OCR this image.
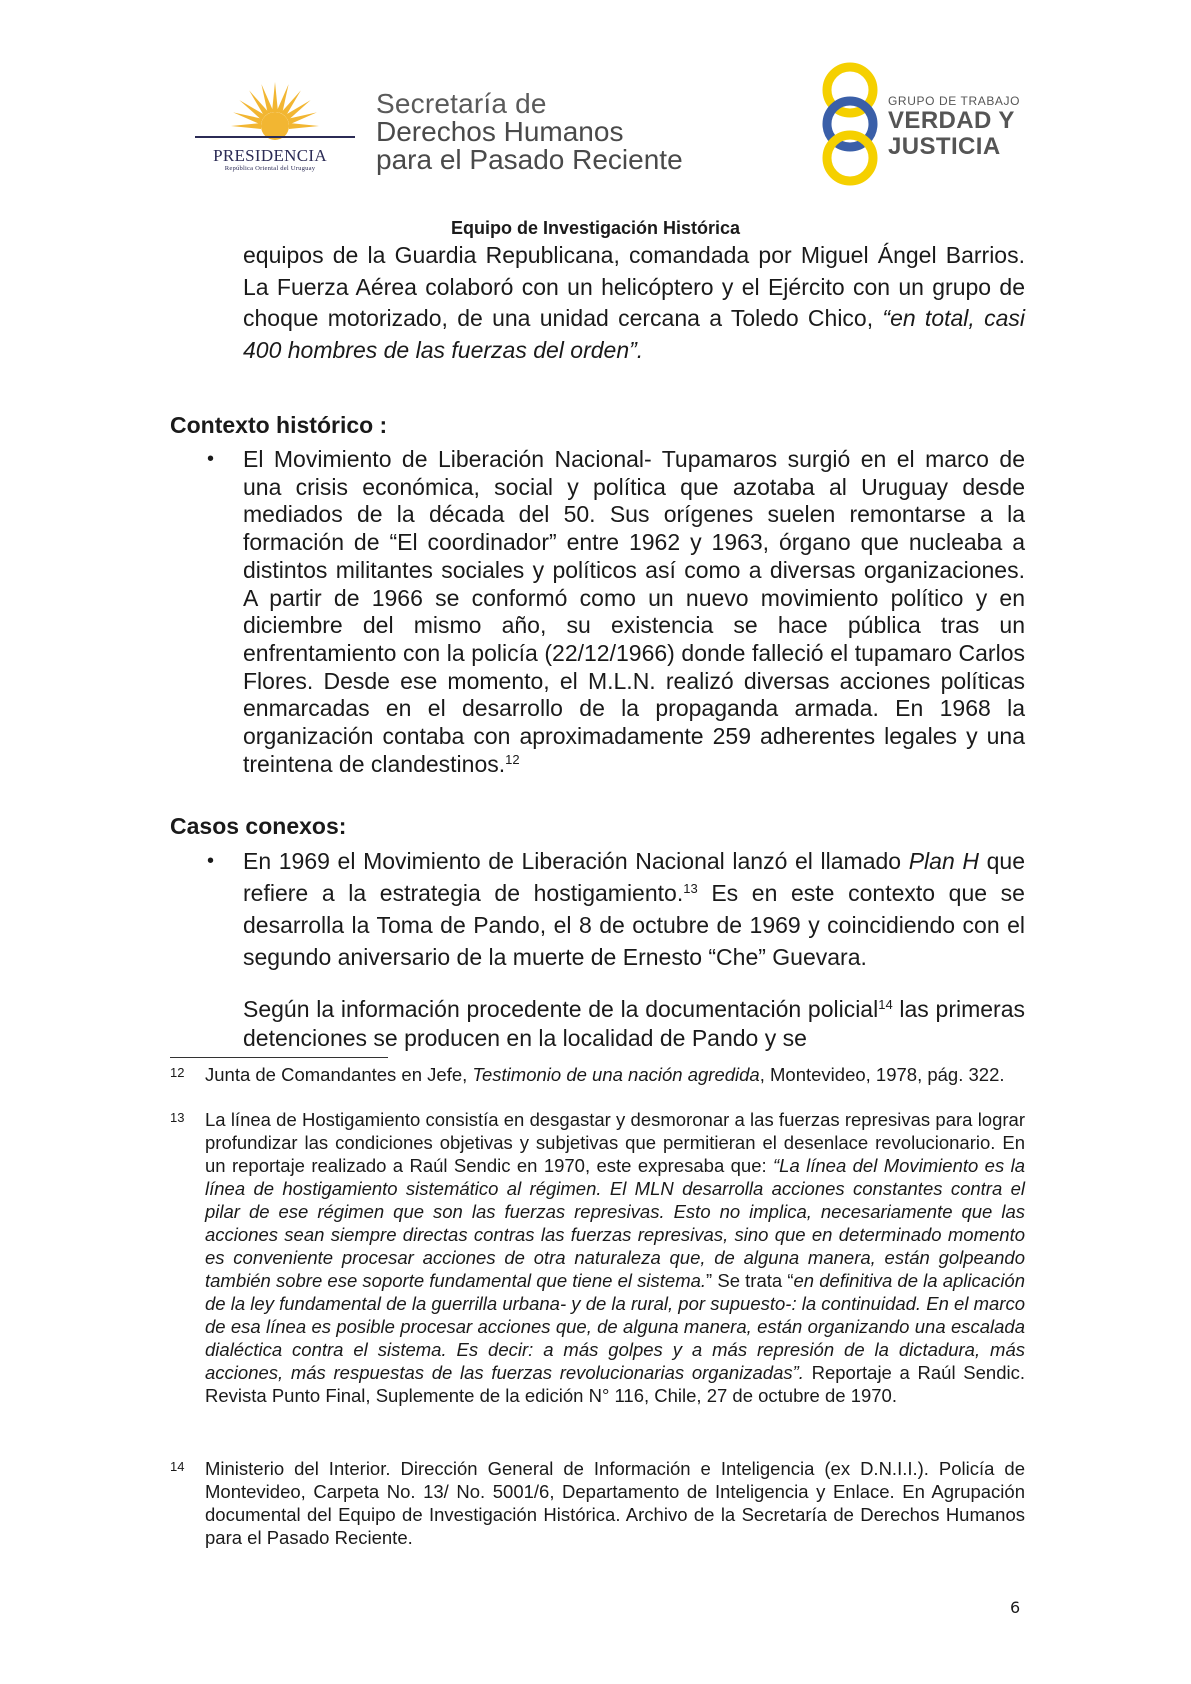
PRESIDENCIA
República Oriental del Uruguay
Secretaría de
Derechos Humanos
para el Pasado Reciente
GRUPO DE TRABAJO
VERDAD Y
JUSTICIA
Equipo de Investigación Histórica

equipos de la Guardia Republicana, comandada por Miguel Ángel Barrios. La Fuerza Aérea colaboró con un helicóptero y el Ejército con un grupo de choque motorizado, de una unidad cercana a Toledo Chico, “en total, casi 400 hombres de las fuerzas del orden”.

Contexto histórico :
• El Movimiento de Liberación Nacional- Tupamaros surgió en el marco de una crisis económica, social y política que azotaba al Uruguay desde mediados de la década del 50. Sus orígenes suelen remontarse a la formación de “El coordinador” entre 1962 y 1963, órgano que nucleaba a distintos militantes sociales y políticos así como a diversas organizaciones. A partir de 1966 se conformó como un nuevo movimiento político y en diciembre del mismo año, su existencia se hace pública tras un enfrentamiento con la policía (22/12/1966) donde falleció el tupamaro Carlos Flores. Desde ese momento, el M.L.N. realizó diversas acciones políticas enmarcadas en el desarrollo de la propaganda armada. En 1968 la organización contaba con aproximadamente 259 adherentes legales y una treintena de clandestinos.$^{12}$
Casos conexos:
• En 1969 el Movimiento de Liberación Nacional lanzó el llamado Plan H que refiere a la estrategia de hostigamiento.$^{13}$ Es en este contexto que se desarrolla la Toma de Pando, el 8 de octubre de 1969 y coincidiendo con el segundo aniversario de la muerte de Ernesto “Che” Guevara.
Según la información procedente de la documentación policial$^{14}$ las primeras detenciones se producen en la localidad de Pando y se
12 Junta de Comandantes en Jefe, Testimonio de una nación agredida, Montevideo, 1978, pág. 322.
13 La línea de Hostigamiento consistía en desgastar y desmoronar a las fuerzas represivas para lograr profundizar las condiciones objetivas y subjetivas que permitieran el desenlace revolucionario. En un reportaje realizado a Raúl Sendic en 1970, este expresaba que: “La línea del Movimiento es la línea de hostigamiento sistemático al régimen. El MLN desarrolla acciones constantes contra el pilar de ese régimen que son las fuerzas represivas. Esto no implica, necesariamente que las acciones sean siempre directas contras las fuerzas represivas, sino que en determinado momento es conveniente procesar acciones de otra naturaleza que, de alguna manera, están golpeando también sobre ese soporte fundamental que tiene el sistema.” Se trata “en definitiva de la aplicación de la ley fundamental de la guerrilla urbana- y de la rural, por supuesto-: la continuidad. En el marco de esa línea es posible procesar acciones que, de alguna manera, están organizando una escalada dialéctica contra el sistema. Es decir: a más golpes y a más represión de la dictadura, más acciones, más respuestas de las fuerzas revolucionarias organizadas”. Reportaje a Raúl Sendic. Revista Punto Final, Suplemente de la edición N° 116, Chile, 27 de octubre de 1970.
14 Ministerio del Interior. Dirección General de Información e Inteligencia (ex D.N.I.I.). Policía de Montevideo, Carpeta No. 13/ No. 5001/6, Departamento de Inteligencia y Enlace. En Agrupación documental del Equipo de Investigación Histórica. Archivo de la Secretaría de Derechos Humanos para el Pasado Reciente.
6
